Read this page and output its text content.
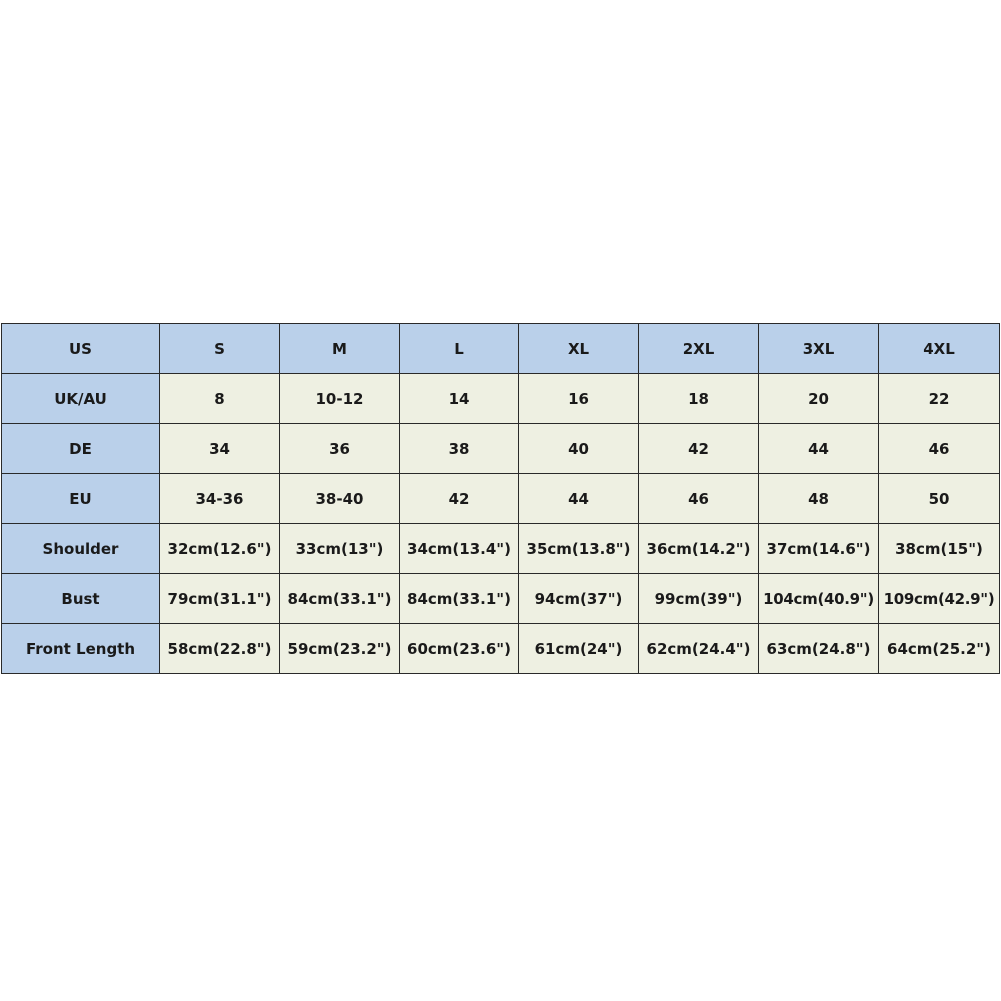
US	S	M	L	XL	2XL	3XL	4XL
UK/AU	8	10-12	14	16	18	20	22
DE	34	36	38	40	42	44	46
EU	34-36	38-40	42	44	46	48	50
Shoulder	32cm(12.6")	33cm(13")	34cm(13.4")	35cm(13.8")	36cm(14.2")	37cm(14.6")	38cm(15")
Bust	79cm(31.1")	84cm(33.1")	84cm(33.1")	94cm(37")	99cm(39")	104cm(40.9")	109cm(42.9")
Front Length	58cm(22.8")	59cm(23.2")	60cm(23.6")	61cm(24")	62cm(24.4")	63cm(24.8")	64cm(25.2")
